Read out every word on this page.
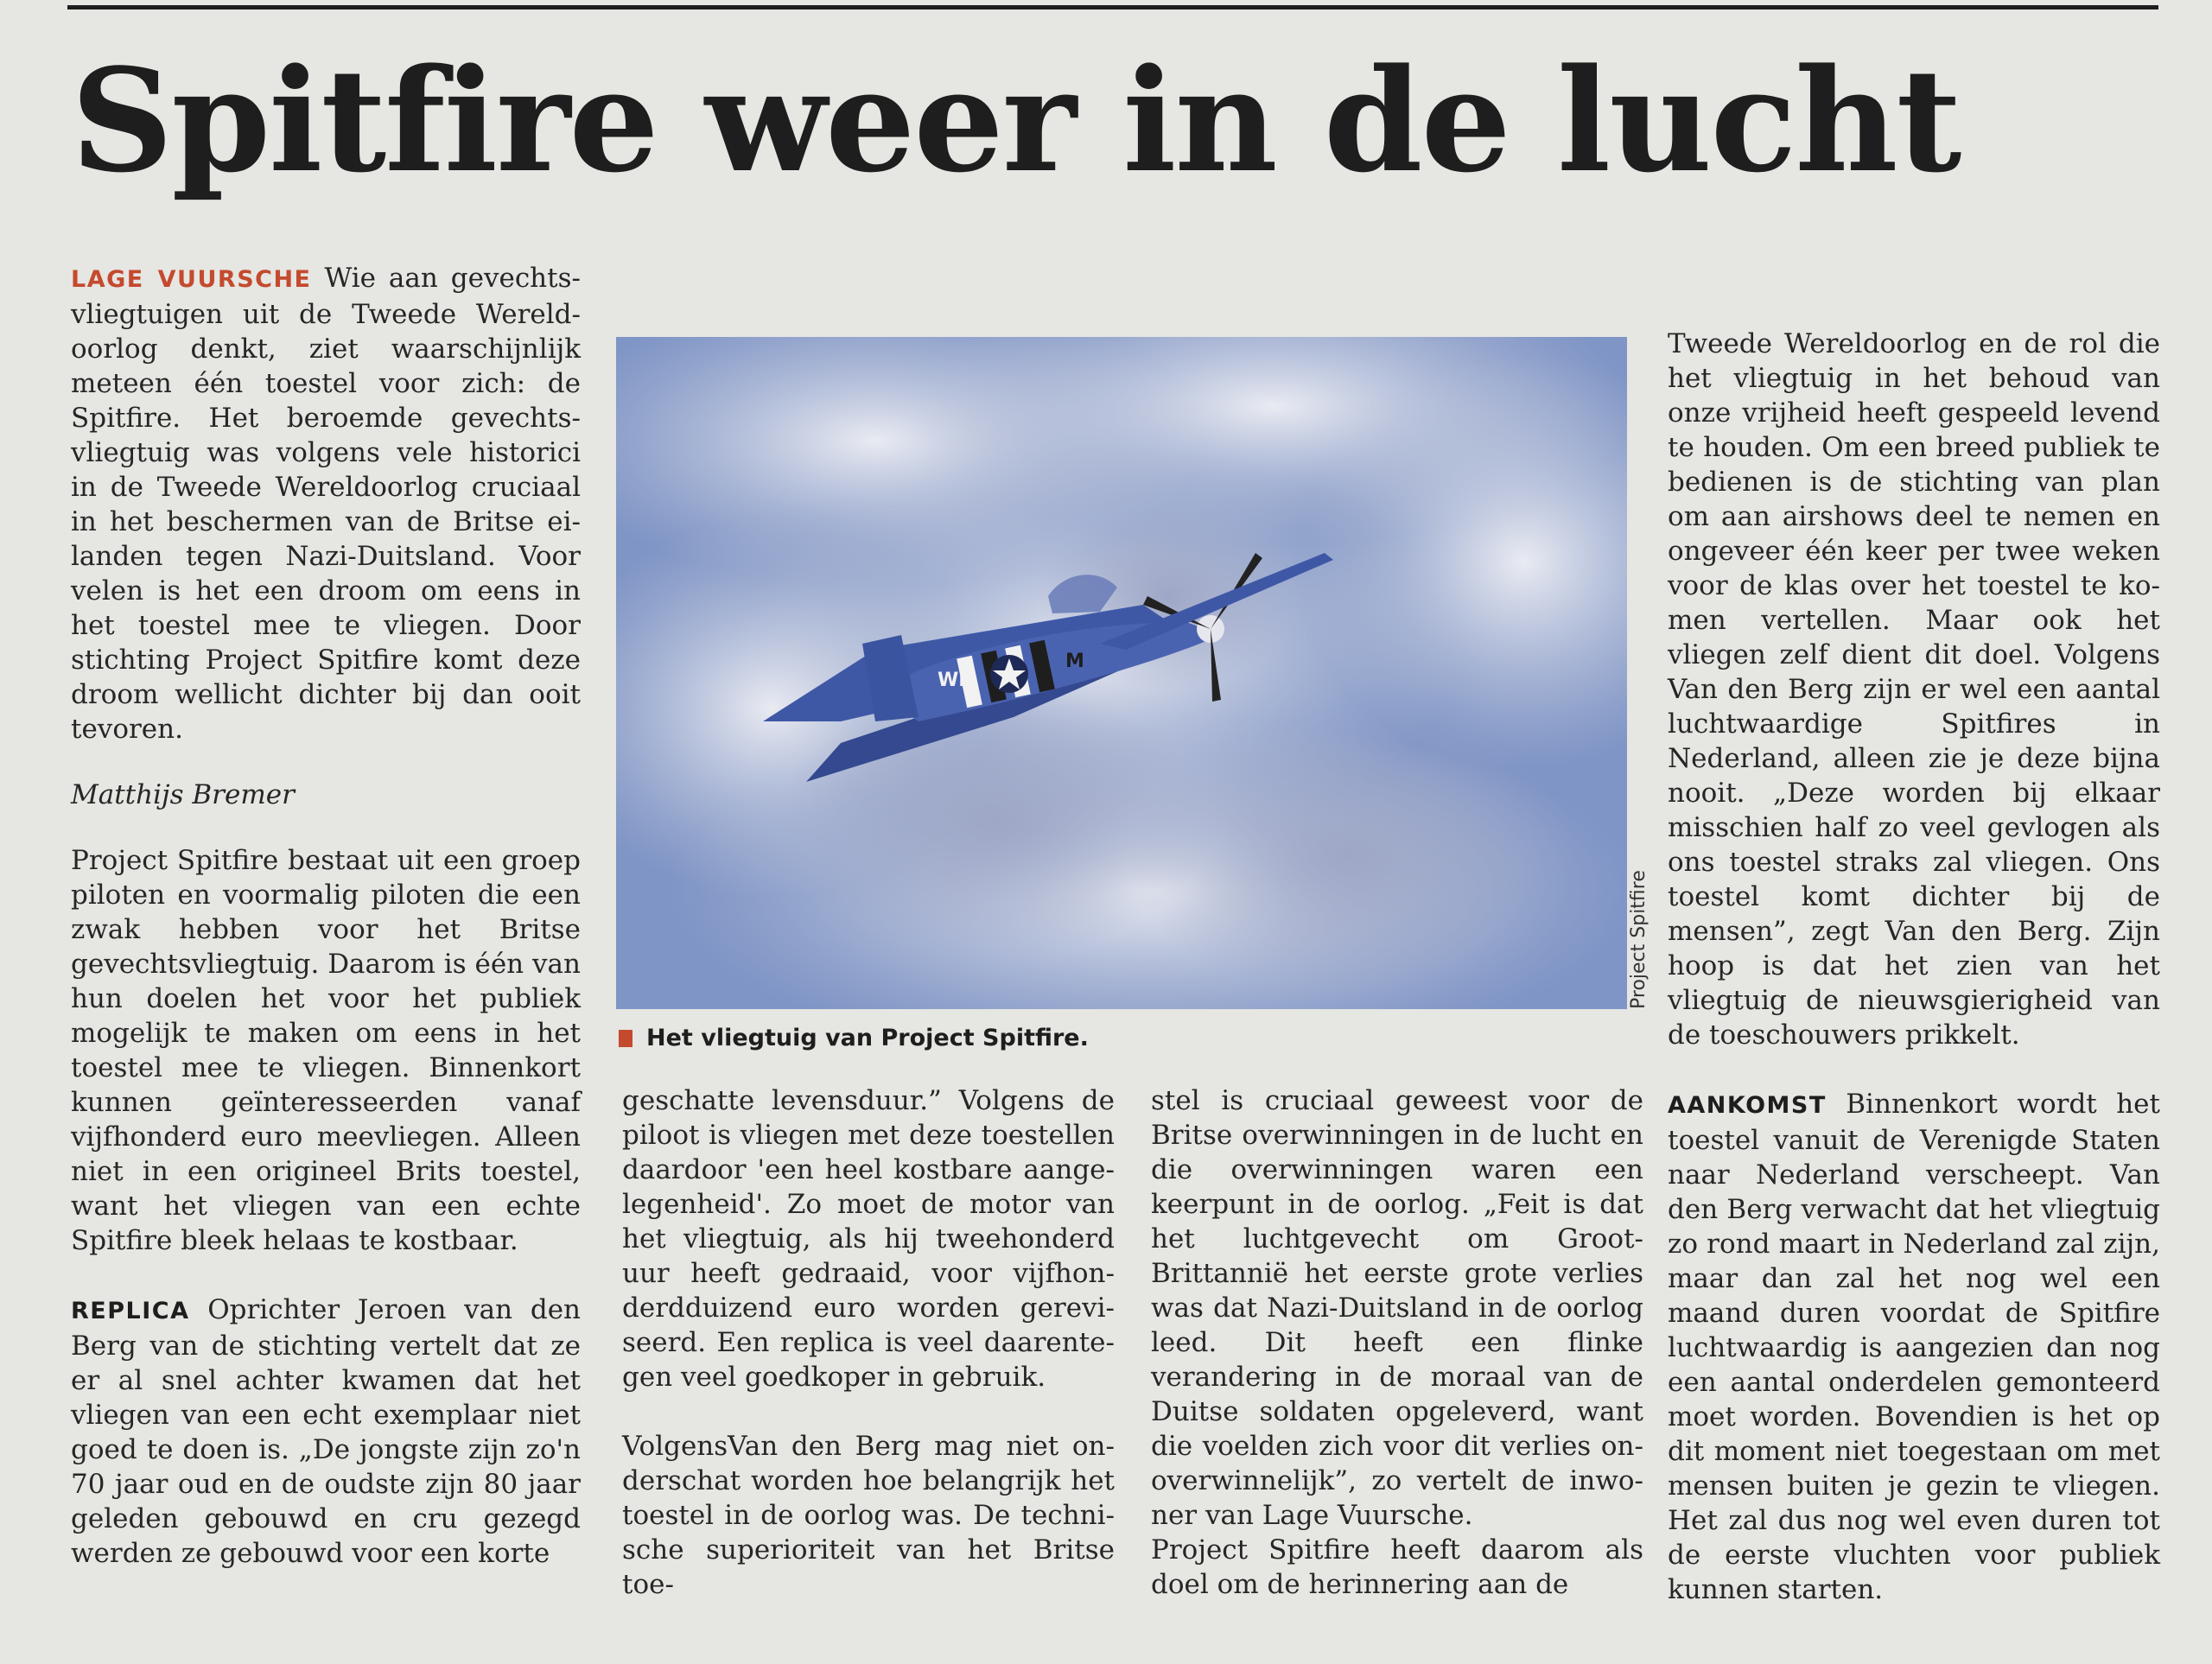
Spitfire weer in de lucht

LAGE VUURSCHE Wie aan gevechtsvliegtuigen uit de Tweede Wereldoorlog denkt, ziet waarschijnlijk meteen één toestel voor zich: de Spitfire. Het beroemde gevechtsvliegtuig was volgens vele historici in de Tweede Wereldoorlog cruciaal in het beschermen van de Britse eilanden tegen Nazi-Duitsland. Voor velen is het een droom om eens in het toestel mee te vliegen. Door stichting Project Spitfire komt deze droom wellicht dichter bij dan ooit tevoren.

Matthijs Bremer

Project Spitfire bestaat uit een groep piloten en voormalig piloten die een zwak hebben voor het Britse gevechtsvliegtuig. Daarom is één van hun doelen het voor het publiek mogelijk te maken om eens in het toestel mee te vliegen. Binnenkort kunnen geïnteresseerden vanaf vijfhonderd euro meevliegen. Alleen niet in een origineel Brits toestel, want het vliegen van een echte Spitfire bleek helaas te kostbaar.

REPLICA Oprichter Jeroen van den Berg van de stichting vertelt dat ze er al snel achter kwamen dat het vliegen van een echt exemplaar niet goed te doen is. „De jongste zijn zo'n 70 jaar oud en de oudste zijn 80 jaar geleden gebouwd en cru gezegd werden ze gebouwd voor een korte

WD
M
Project Spitfire
Het vliegtuig van Project Spitfire.

geschatte levensduur.” Volgens de piloot is vliegen met deze toestellen daardoor 'een heel kostbare aangelegenheid'. Zo moet de motor van het vliegtuig, als hij tweehonderd uur heeft gedraaid, voor vijfhonderdduizend euro worden gereviseerd. Een replica is veel daarentegen veel goedkoper in gebruik.

VolgensVan den Berg mag niet onderschat worden hoe belangrijk het toestel in de oorlog was. De technische superioriteit van het Britse toe-

stel is cruciaal geweest voor de Britse overwinningen in de lucht en die overwinningen waren een keerpunt in de oorlog. „Feit is dat het luchtgevecht om Groot-Brittannië het eerste grote verlies was dat Nazi-Duitsland in de oorlog leed. Dit heeft een flinke verandering in de moraal van de Duitse soldaten opgeleverd, want die voelden zich voor dit verlies onoverwinnelijk”, zo vertelt de inwoner van Lage Vuursche.

Project Spitfire heeft daarom als doel om de herinnering aan de

Tweede Wereldoorlog en de rol die het vliegtuig in het behoud van onze vrijheid heeft gespeeld levend te houden. Om een breed publiek te bedienen is de stichting van plan om aan airshows deel te nemen en ongeveer één keer per twee weken voor de klas over het toestel te komen vertellen. Maar ook het vliegen zelf dient dit doel. Volgens Van den Berg zijn er wel een aantal luchtwaardige Spitfires in Nederland, alleen zie je deze bijna nooit. „Deze worden bij elkaar misschien half zo veel gevlogen als ons toestel straks zal vliegen. Ons toestel komt dichter bij de mensen”, zegt Van den Berg. Zijn hoop is dat het zien van het vliegtuig de nieuwsgierigheid van de toeschouwers prikkelt.

AANKOMST Binnenkort wordt het toestel vanuit de Verenigde Staten naar Nederland verscheept. Van den Berg verwacht dat het vliegtuig zo rond maart in Nederland zal zijn, maar dan zal het nog wel een maand duren voordat de Spitfire luchtwaardig is aangezien dan nog een aantal onderdelen gemonteerd moet worden. Bovendien is het op dit moment niet toegestaan om met mensen buiten je gezin te vliegen. Het zal dus nog wel even duren tot de eerste vluchten voor publiek kunnen starten.
